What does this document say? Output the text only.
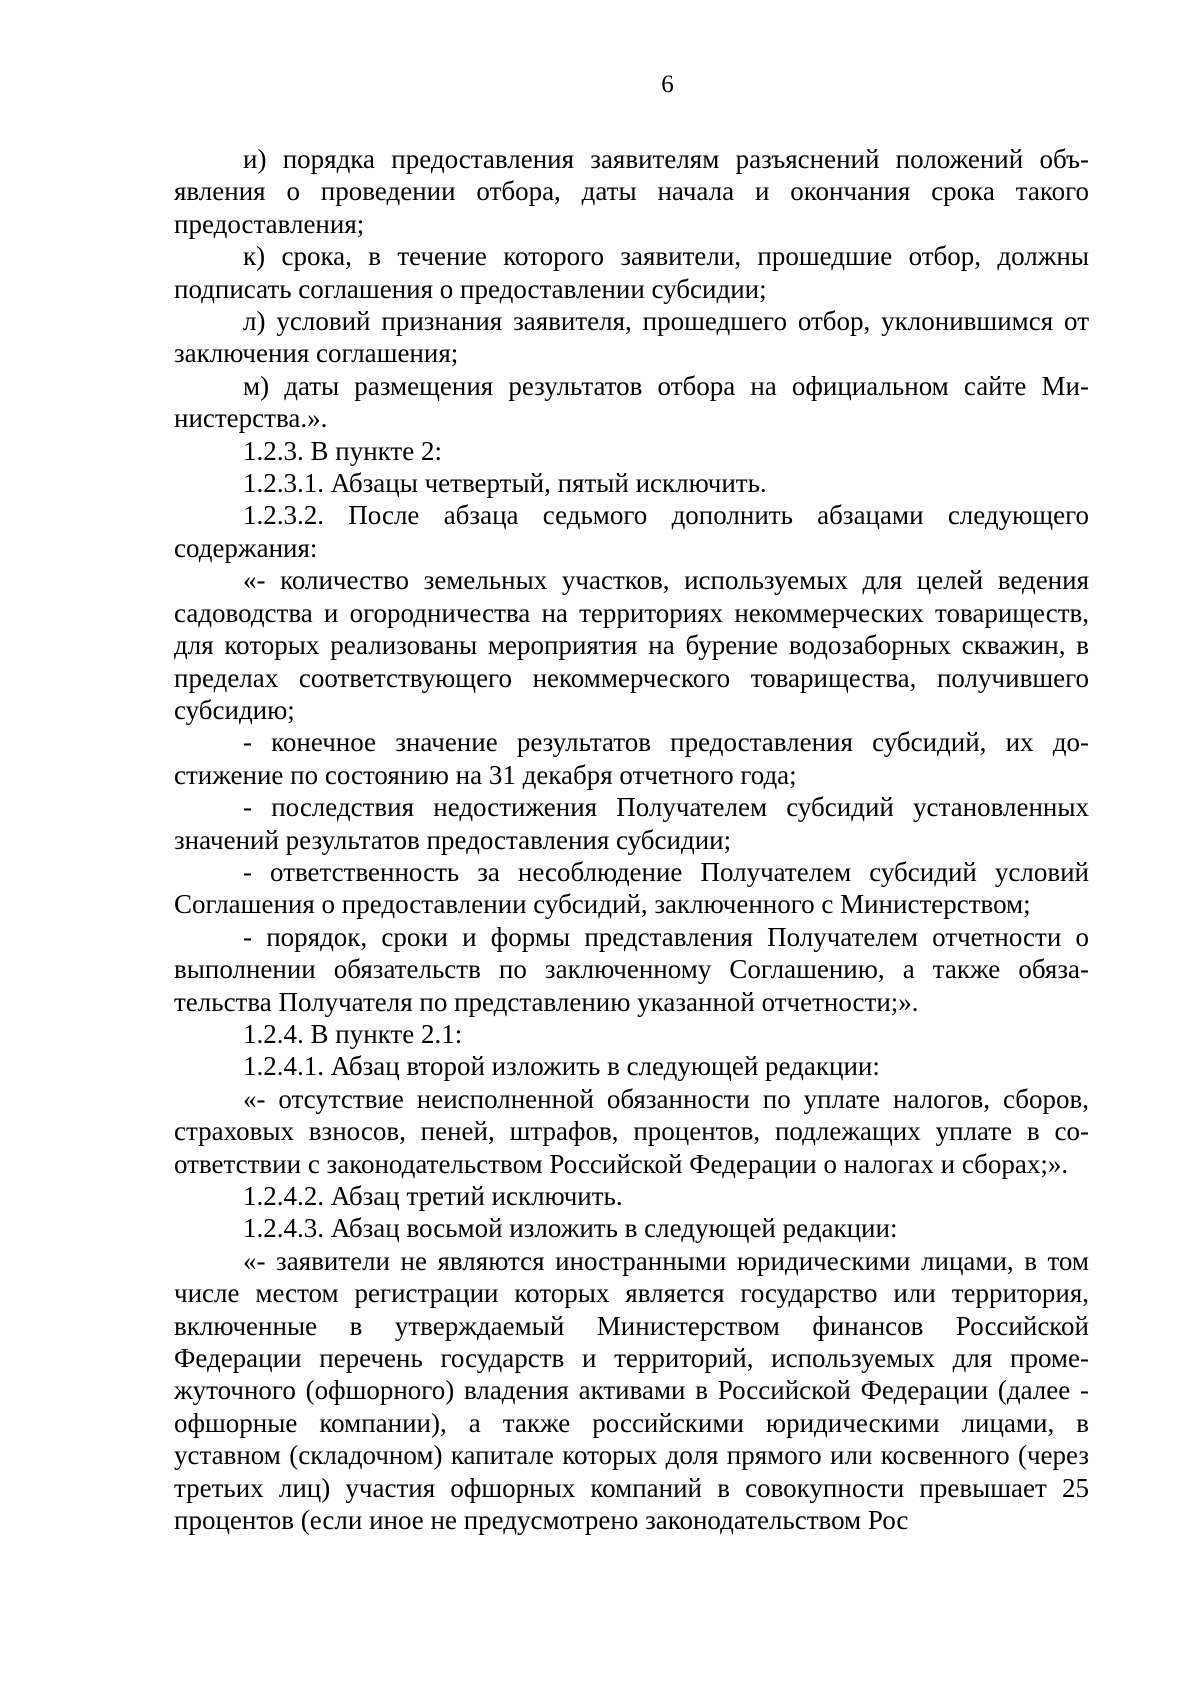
6

и) порядка предоставления заявителям разъяснений положений объявления о проведении отбора, даты начала и окончания срока такого предоставления;

к) срока, в течение которого заявители, прошедшие отбор, должны подписать соглашения о предоставлении субсидии;

л) условий признания заявителя, прошедшего отбор, уклонившимся от заключения соглашения;

м) даты размещения результатов отбора на официальном сайте Министерства.».

1.2.3. В пункте 2:

1.2.3.1. Абзацы четвертый, пятый исключить.

1.2.3.2. После абзаца седьмого дополнить абзацами следующего содержания:

«- количество земельных участков, используемых для целей ведения садоводства и огородничества на территориях некоммерческих товариществ, для которых реализованы мероприятия на бурение водозаборных скважин, в пределах соответствующего некоммерческого товарищества, получившего субсидию;

- конечное значение результатов предоставления субсидий, их достижение по состоянию на 31 декабря отчетного года;

- последствия недостижения Получателем субсидий установленных значений результатов предоставления субсидии;

- ответственность за несоблюдение Получателем субсидий условий Соглашения о предоставлении субсидий, заключенного с Министерством;

- порядок, сроки и формы представления Получателем отчетности о выполнении обязательств по заключенному Соглашению, а также обязательства Получателя по представлению указанной отчетности;».

1.2.4. В пункте 2.1:

1.2.4.1. Абзац второй изложить в следующей редакции:

«- отсутствие неисполненной обязанности по уплате налогов, сборов, страховых взносов, пеней, штрафов, процентов, подлежащих уплате в соответствии с законодательством Российской Федерации о налогах и сборах;».

1.2.4.2. Абзац третий исключить.

1.2.4.3. Абзац восьмой изложить в следующей редакции:

«- заявители не являются иностранными юридическими лицами, в том числе местом регистрации которых является государство или территория, включенные в утверждаемый Министерством финансов Российской Федерации перечень государств и территорий, используемых для промежуточного (офшорного) владения активами в Российской Федерации (далее - офшорные компании), а также российскими юридическими лицами, в уставном (складочном) капитале которых доля прямого или косвенного (через третьих лиц) участия офшорных компаний в совокупности превышает 25 процентов (если иное не предусмотрено законодательством Рос
